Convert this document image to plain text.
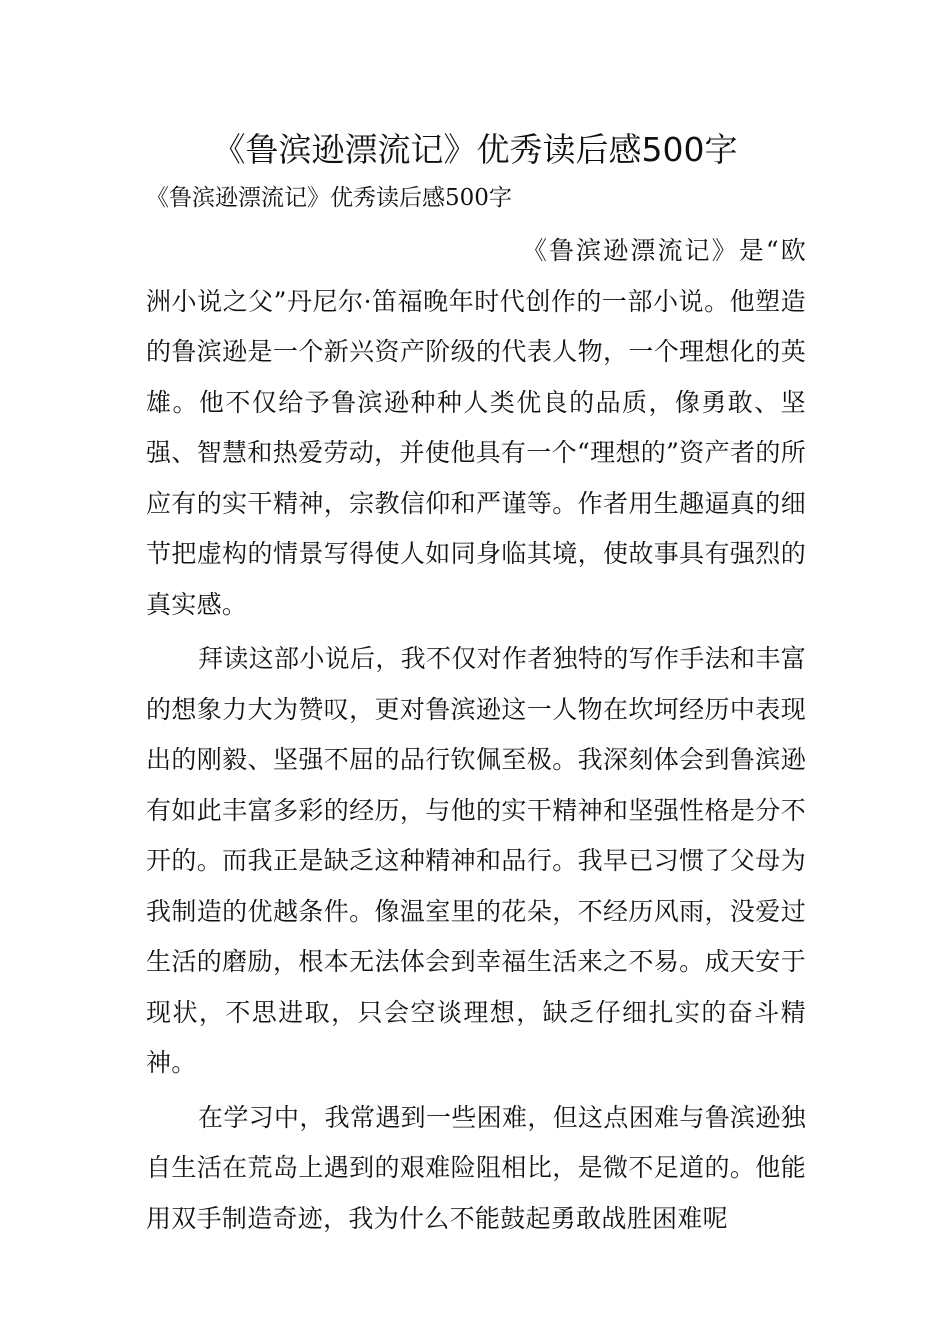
《鲁滨逊漂流记》优秀读后感500字

《鲁滨逊漂流记》优秀读后感500字

《鲁滨逊漂流记》是“欧洲小说之父”丹尼尔·笛福晚年时代创作的一部小说。他塑造的鲁滨逊是一个新兴资产阶级的代表人物，一个理想化的英雄。他不仅给予鲁滨逊种种人类优良的品质，像勇敢、坚强、智慧和热爱劳动，并使他具有一个“理想的”资产者的所应有的实干精神，宗教信仰和严谨等。作者用生趣逼真的细节把虚构的情景写得使人如同身临其境，使故事具有强烈的真实感。

拜读这部小说后，我不仅对作者独特的写作手法和丰富的想象力大为赞叹，更对鲁滨逊这一人物在坎坷经历中表现出的刚毅、坚强不屈的品行钦佩至极。我深刻体会到鲁滨逊有如此丰富多彩的经历，与他的实干精神和坚强性格是分不开的。而我正是缺乏这种精神和品行。我早已习惯了父母为我制造的优越条件。像温室里的花朵，不经历风雨，没爱过生活的磨励，根本无法体会到幸福生活来之不易。成天安于现状，不思进取，只会空谈理想，缺乏仔细扎实的奋斗精神。

在学习中，我常遇到一些困难，但这点困难与鲁滨逊独自生活在荒岛上遇到的艰难险阻相比，是微不足道的。他能用双手制造奇迹，我为什么不能鼓起勇敢战胜困难呢
